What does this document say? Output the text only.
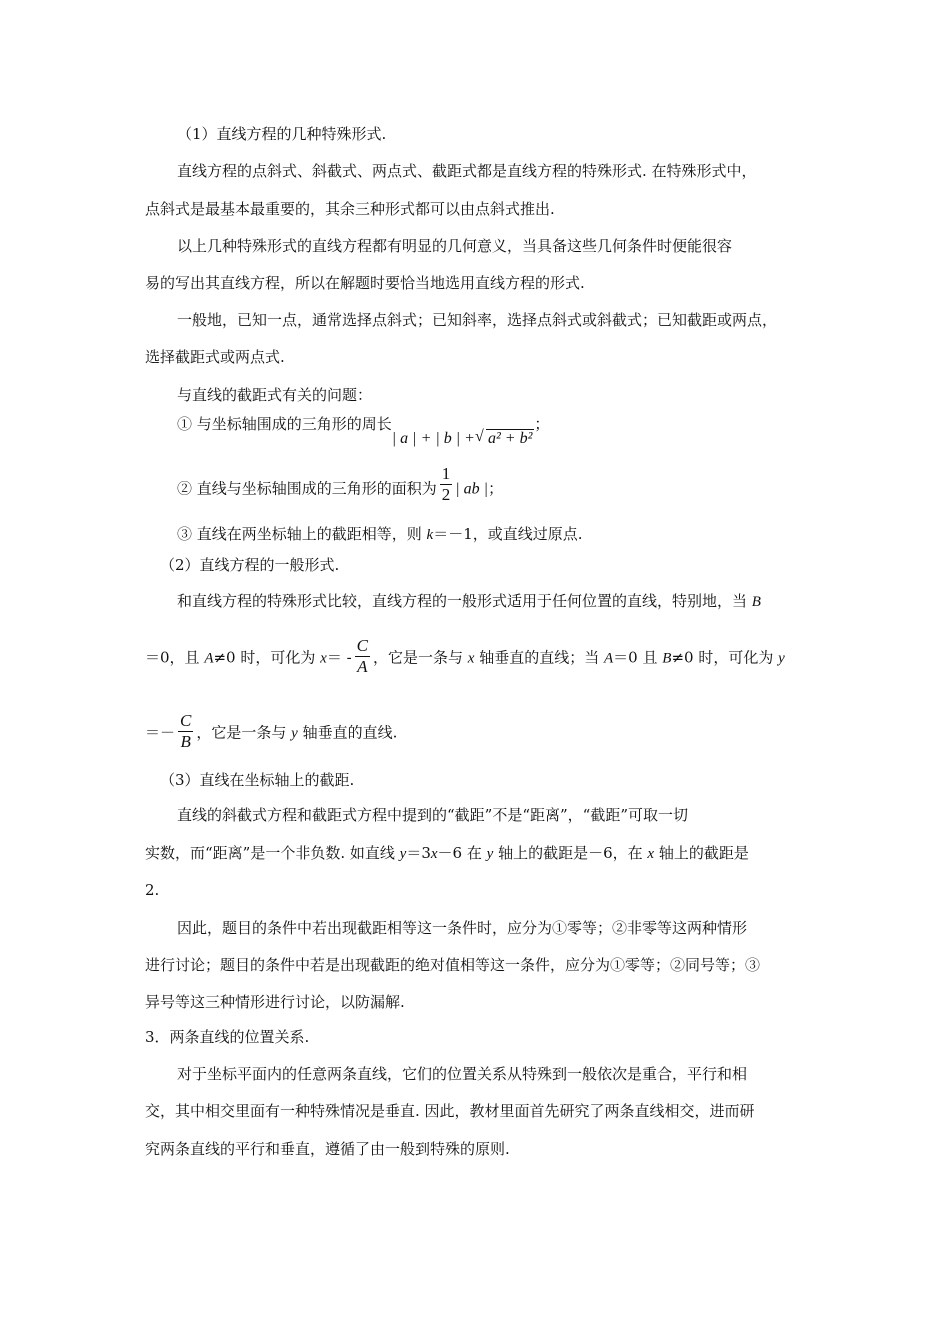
（1）直线方程的几种特殊形式.
直线方程的点斜式、斜截式、两点式、截距式都是直线方程的特殊形式. 在特殊形式中，
点斜式是最基本最重要的，其余三种形式都可以由点斜式推出.
以上几种特殊形式的直线方程都有明显的几何意义，当具备这些几何条件时便能很容
易的写出其直线方程，所以在解题时要恰当地选用直线方程的形式.
一般地，已知一点，通常选择点斜式；已知斜率，选择点斜式或斜截式；已知截距或两点，
选择截距式或两点式.
与直线的截距式有关的问题：
① 与坐标轴围成的三角形的周长| a | + | b | + √ a² + b²；
② 直线与坐标轴围成的三角形的面积为 $\frac{1}{2}$ | ab |；
③ 直线在两坐标轴上的截距相等，则 k＝－1，或直线过原点.
（2）直线方程的一般形式.
和直线方程的特殊形式比较，直线方程的一般形式适用于任何位置的直线，特别地，当 B
＝0，且 A≠0 时，可化为 $x= - \frac{C}{A}$ ，它是一条与 x 轴垂直的直线；当 A＝0 且 B≠0 时，可化为 y
＝－ $\frac{C}{B}$ ，它是一条与 y 轴垂直的直线.
（3）直线在坐标轴上的截距.
直线的斜截式方程和截距式方程中提到的“截距”不是“距离”，“截距”可取一切
实数，而“距离”是一个非负数. 如直线 y＝3x－6 在 y 轴上的截距是－6，在 x 轴上的截距是
2.
因此，题目的条件中若出现截距相等这一条件时，应分为①零等；②非零等这两种情形
进行讨论；题目的条件中若是出现截距的绝对值相等这一条件，应分为①零等；②同号等；③
异号等这三种情形进行讨论，以防漏解.
3．两条直线的位置关系.
对于坐标平面内的任意两条直线，它们的位置关系从特殊到一般依次是重合，平行和相
交，其中相交里面有一种特殊情况是垂直. 因此，教材里面首先研究了两条直线相交，进而研
究两条直线的平行和垂直，遵循了由一般到特殊的原则.
